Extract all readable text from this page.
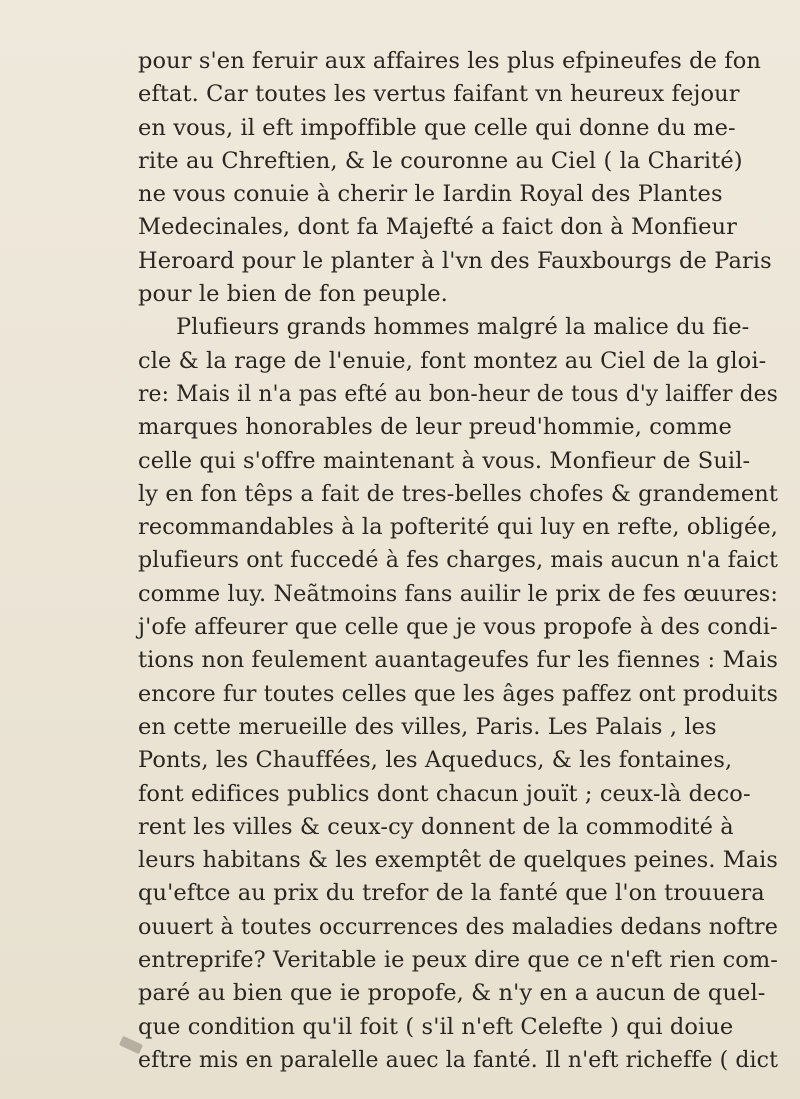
pour s'en feruir aux affaires les plus efpineufes de fon
eftat. Car toutes les vertus faifant vn heureux fejour
en vous, il eft impoffible que celle qui donne du me-
rite au Chreftien, & le couronne au Ciel ( la Charité)
ne vous conuie à cherir le Iardin Royal des Plantes
Medecinales, dont fa Majefté a faict don à Monfieur
Heroard pour le planter à l'vn des Fauxbourgs de Paris
pour le bien de fon peuple.
Plufieurs grands hommes malgré la malice du fie-
cle & la rage de l'enuie, font montez au Ciel de la gloi-
re: Mais il n'a pas efté au bon-heur de tous d'y laiffer des
marques honorables de leur preud'hommie, comme
celle qui s'offre maintenant à vous. Monfieur de Suil-
ly en fon têps a fait de tres-belles chofes & grandement
recommandables à la pofterité qui luy en refte, obligée,
plufieurs ont fuccedé à fes charges, mais aucun n'a faict
comme luy. Neãtmoins fans auilir le prix de fes œuures:
j'ofe affeurer que celle que je vous propofe à des condi-
tions non feulement auantageufes fur les fiennes : Mais
encore fur toutes celles que les âges paffez ont produits
en cette merueille des villes, Paris. Les Palais , les
Ponts, les Chauffées, les Aqueducs, & les fontaines,
font edifices publics dont chacun jouït ; ceux-là deco-
rent les villes & ceux-cy donnent de la commodité à
leurs habitans & les exemptêt de quelques peines. Mais
qu'eftce au prix du trefor de la fanté que l'on trouuera
ouuert à toutes occurrences des maladies dedans noftre
entreprife? Veritable ie peux dire que ce n'eft rien com-
paré au bien que ie propofe, & n'y en a aucun de quel-
que condition qu'il foit ( s'il n'eft Celefte ) qui doiue
eftre mis en paralelle auec la fanté. Il n'eft richeffe ( dict
